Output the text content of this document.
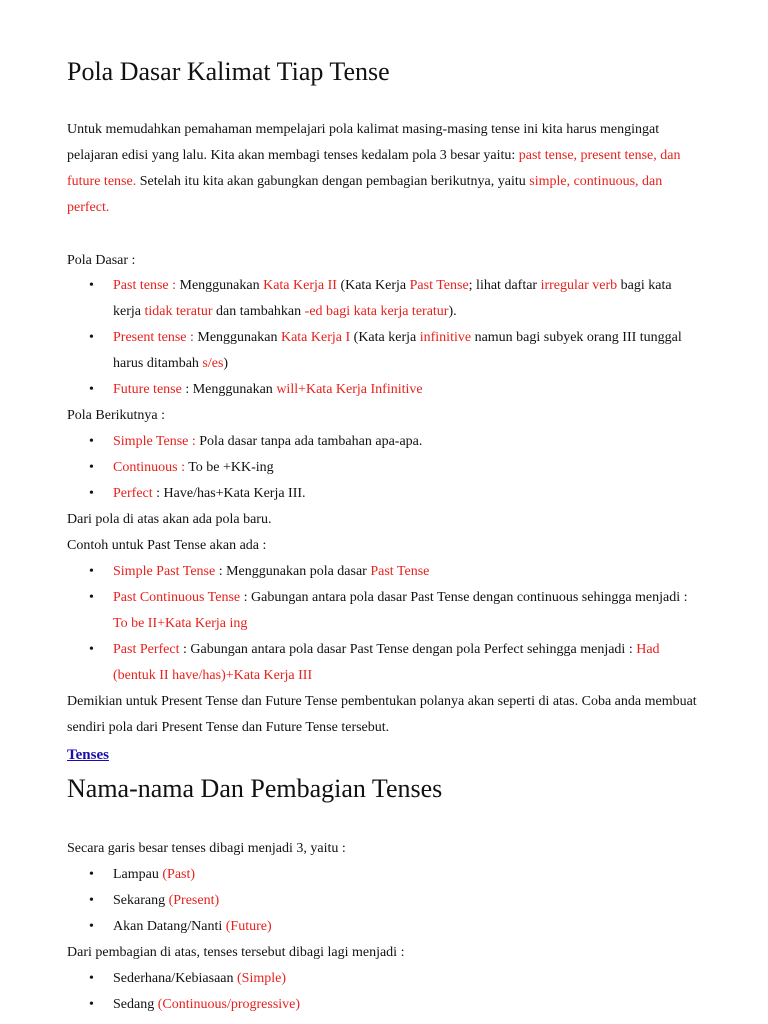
Pola Dasar Kalimat Tiap Tense
Untuk memudahkan pemahaman mempelajari pola kalimat masing-masing tense ini kita harus mengingat pelajaran edisi yang lalu. Kita akan membagi tenses kedalam pola 3 besar yaitu: past tense, present tense, dan future tense. Setelah itu kita akan gabungkan dengan pembagian berikutnya, yaitu simple, continuous, dan perfect.
Pola Dasar :
• Past tense : Menggunakan Kata Kerja II (Kata Kerja Past Tense; lihat daftar irregular verb bagi kata kerja tidak teratur dan tambahkan -ed bagi kata kerja teratur).
• Present tense : Menggunakan Kata Kerja I (Kata kerja infinitive namun bagi subyek orang III tunggal harus ditambah s/es)
• Future tense : Menggunakan will+Kata Kerja Infinitive
Pola Berikutnya :
• Simple Tense : Pola dasar tanpa ada tambahan apa-apa.
• Continuous : To be +KK-ing
• Perfect : Have/has+Kata Kerja III.
Dari pola di atas akan ada pola baru.
Contoh untuk Past Tense akan ada :
• Simple Past Tense : Menggunakan pola dasar Past Tense
• Past Continuous Tense : Gabungan antara pola dasar Past Tense dengan continuous sehingga menjadi : To be II+Kata Kerja ing
• Past Perfect : Gabungan antara pola dasar Past Tense dengan pola Perfect sehingga menjadi : Had (bentuk II have/has)+Kata Kerja III
Demikian untuk Present Tense dan Future Tense pembentukan polanya akan seperti di atas. Coba anda membuat sendiri pola dari Present Tense dan Future Tense tersebut.
Tenses
Nama-nama Dan Pembagian Tenses
Secara garis besar tenses dibagi menjadi 3, yaitu :
• Lampau (Past)
• Sekarang (Present)
• Akan Datang/Nanti (Future)
Dari pembagian di atas, tenses tersebut dibagi lagi menjadi :
• Sederhana/Kebiasaan (Simple)
• Sedang (Continuous/progressive)
